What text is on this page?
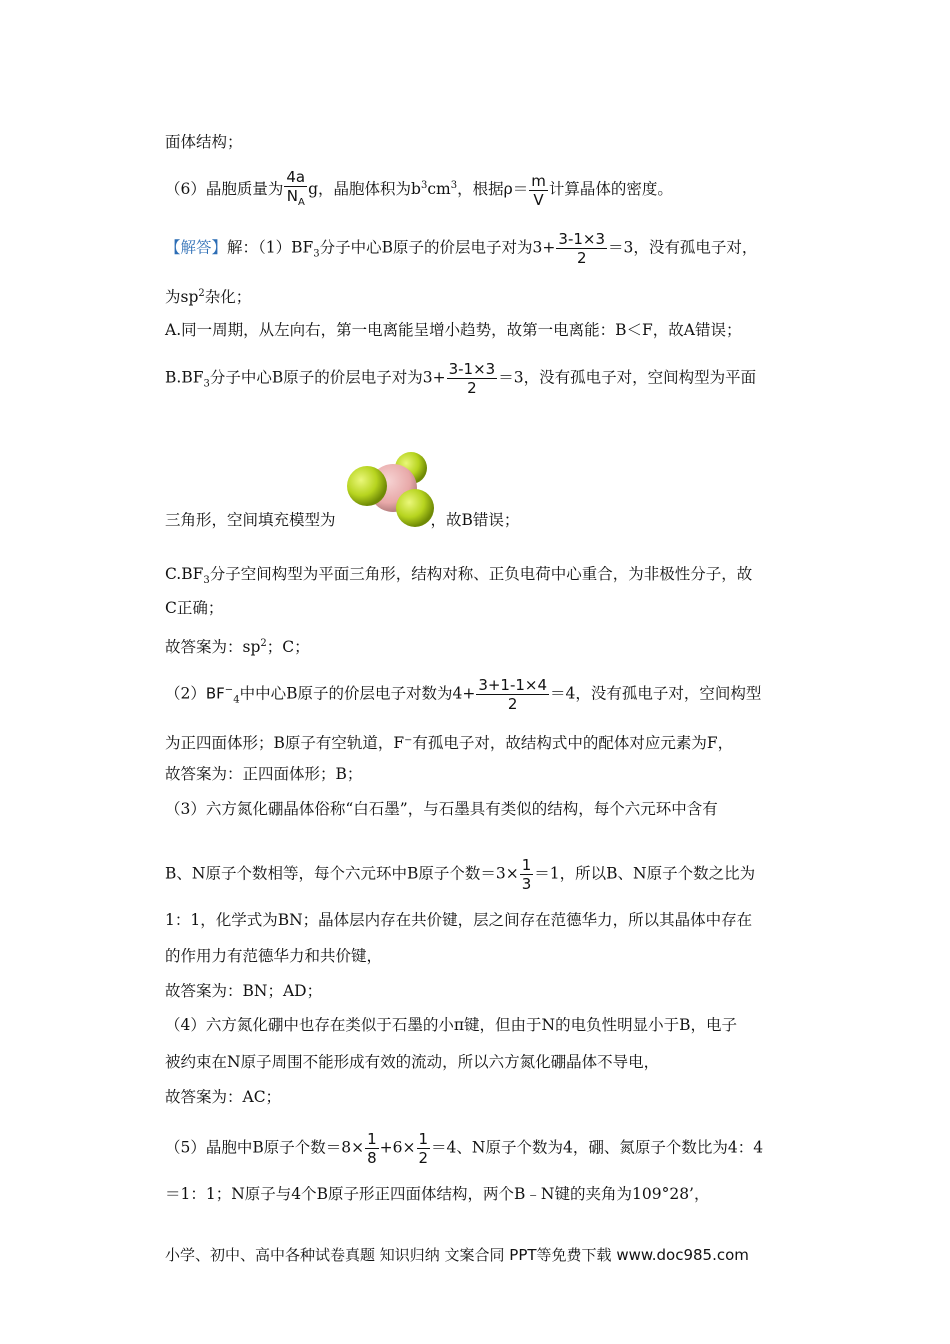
面体结构；
（6）晶胞质量为 $\frac{4a}{N_A}$ g，晶胞体积为$b^3cm^3$，根据$\rho= \frac{m}{V}$ 计算晶体的密度。
【解答】解：$(1)BF_3$分子中心B原子的价层电子对为$3+ \frac{3-1\times 3}{2} =3$，没有孤电子对，
为$sp^2$杂化；
A.同一周期，从左向右，第一电离能呈增小趋势，故第一电离能：B＜F，故A错误；
$B.BF_3$分子中心B原子的价层电子对为$3+ \frac{3-1\times 3}{2} =3$，没有孤电子对，空间构型为平面
三角形，空间填充模型为	，故B错误；
$C.BF_3$分子空间构型为平面三角形，结构对称、正负电荷中心重合，为非极性分子，故
C正确；
故答案为：$sp^2$；C；
$(2)BF^-_4$中中心B原子的价层电子对数为$4+ \frac{3+1-1\times 4}{2} =4$，没有孤电子对，空间构型
为正四面体形；B原子有空轨道，F⁻有孤电子对，故结构式中的配体对应元素为F，
故答案为：正四面体形；B；
（3）六方氮化硼晶体俗称“白石墨”，与石墨具有类似的结构，每个六元环中含有
B、N原子个数相等，每个六元环中B原子个数$=3\times \frac{1}{3} =1$，所以B、N原子个数之比为
1：1，化学式为BN；晶体层内存在共价键，层之间存在范德华力，所以其晶体中存在
的作用力有范德华力和共价键，
故答案为：BN；AD；
（4）六方氮化硼中也存在类似于石墨的小π键，但由于N的电负性明显小于B，电子
被约束在N原子周围不能形成有效的流动，所以六方氮化硼晶体不导电，
故答案为：AC；
（5）晶胞中B原子个数$=8\times \frac{1}{8} +6\times \frac{1}{2} =4$、N原子个数为4，硼、氮原子个数比为4：4
＝1：1；N原子与4个B原子形正四面体结构，两个B﹣N键的夹角为109°28’，
小学、初中、高中各种试卷真题 知识归纳 文案合同 PPT等免费下载 www.doc985.com
